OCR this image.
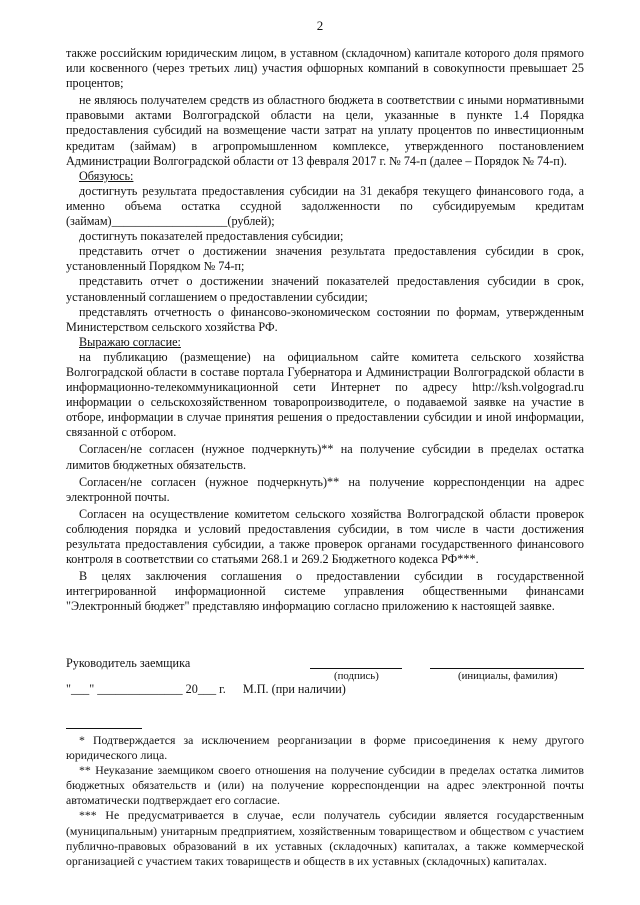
2

также российским юридическим лицом, в уставном (складочном) капитале которого доля прямого или косвенного (через третьих лиц) участия офшорных компаний в совокупности превышает 25 процентов;

не являюсь получателем средств из областного бюджета в соответствии с иными нормативными правовыми актами Волгоградской области на цели, указанные в пункте 1.4 Порядка предоставления субсидий на возмещение части затрат на уплату процентов по инвестиционным кредитам (займам) в агропромышленном комплексе, утвержденного постановлением Администрации Волгоградской области от 13 февраля 2017 г. № 74-п (далее – Порядок № 74-п).

Обязуюсь:

достигнуть результата предоставления субсидии на 31 декабря текущего финансового года, а именно объема остатка ссудной задолженности по субсидируемым кредитам (займам)___________________(рублей);

достигнуть показателей предоставления субсидии;

представить отчет о достижении значения результата предоставления субсидии в срок, установленный Порядком № 74-п;

представить отчет о достижении значений показателей предоставления субсидии в срок, установленный соглашением о предоставлении субсидии;

представлять отчетность о финансово-экономическом состоянии по формам, утвержденным Министерством сельского хозяйства РФ.

Выражаю согласие:

на публикацию (размещение) на официальном сайте комитета сельского хозяйства Волгоградской области в составе портала Губернатора и Администрации Волгоградской области в информационно-телекоммуникационной сети Интернет по адресу http://ksh.volgograd.ru информации о сельскохозяйственном товаропроизводителе, о подаваемой заявке на участие в отборе, информации в случае принятия решения о предоставлении субсидии и иной информации, связанной с отбором.

Согласен/не согласен (нужное подчеркнуть)** на получение субсидии в пределах остатка лимитов бюджетных обязательств.

Согласен/не согласен (нужное подчеркнуть)** на получение корреспонденции на адрес электронной почты.

Согласен на осуществление комитетом сельского хозяйства Волгоградской области проверок соблюдения порядка и условий предоставления субсидии, в том числе в части достижения результата предоставления субсидии, а также проверок органами государственного финансового контроля в соответствии со статьями 268.1 и 269.2 Бюджетного кодекса РФ***.

В целях заключения соглашения о предоставлении субсидии в государственной интегрированной информационной системе управления общественными финансами "Электронный бюджет" представляю информацию согласно приложению к настоящей заявке.

Руководитель заемщика
(подпись)	(инициалы, фамилия)
"___" ______________ 20___ г. М.П. (при наличии)

* Подтверждается за исключением реорганизации в форме присоединения к нему другого юридического лица.

** Неуказание заемщиком своего отношения на получение субсидии в пределах остатка лимитов бюджетных обязательств и (или) на получение корреспонденции на адрес электронной почты автоматически подтверждает его согласие.

*** Не предусматривается в случае, если получатель субсидии является государственным (муниципальным) унитарным предприятием, хозяйственным товариществом и обществом с участием публично-правовых образований в их уставных (складочных) капиталах, а также коммерческой организацией с участием таких товариществ и обществ в их уставных (складочных) капиталах.
